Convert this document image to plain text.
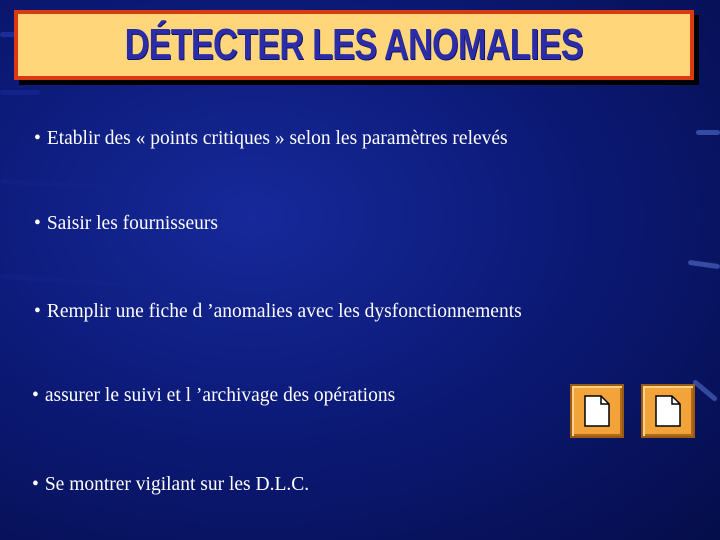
DÉTECTER LES ANOMALIES
• Etablir des « points critiques » selon les paramètres relevés
• Saisir les fournisseurs
• Remplir une fiche d ’anomalies avec les dysfonctionnements
• assurer le suivi et l ’archivage des opérations
• Se montrer vigilant sur les D.L.C.
